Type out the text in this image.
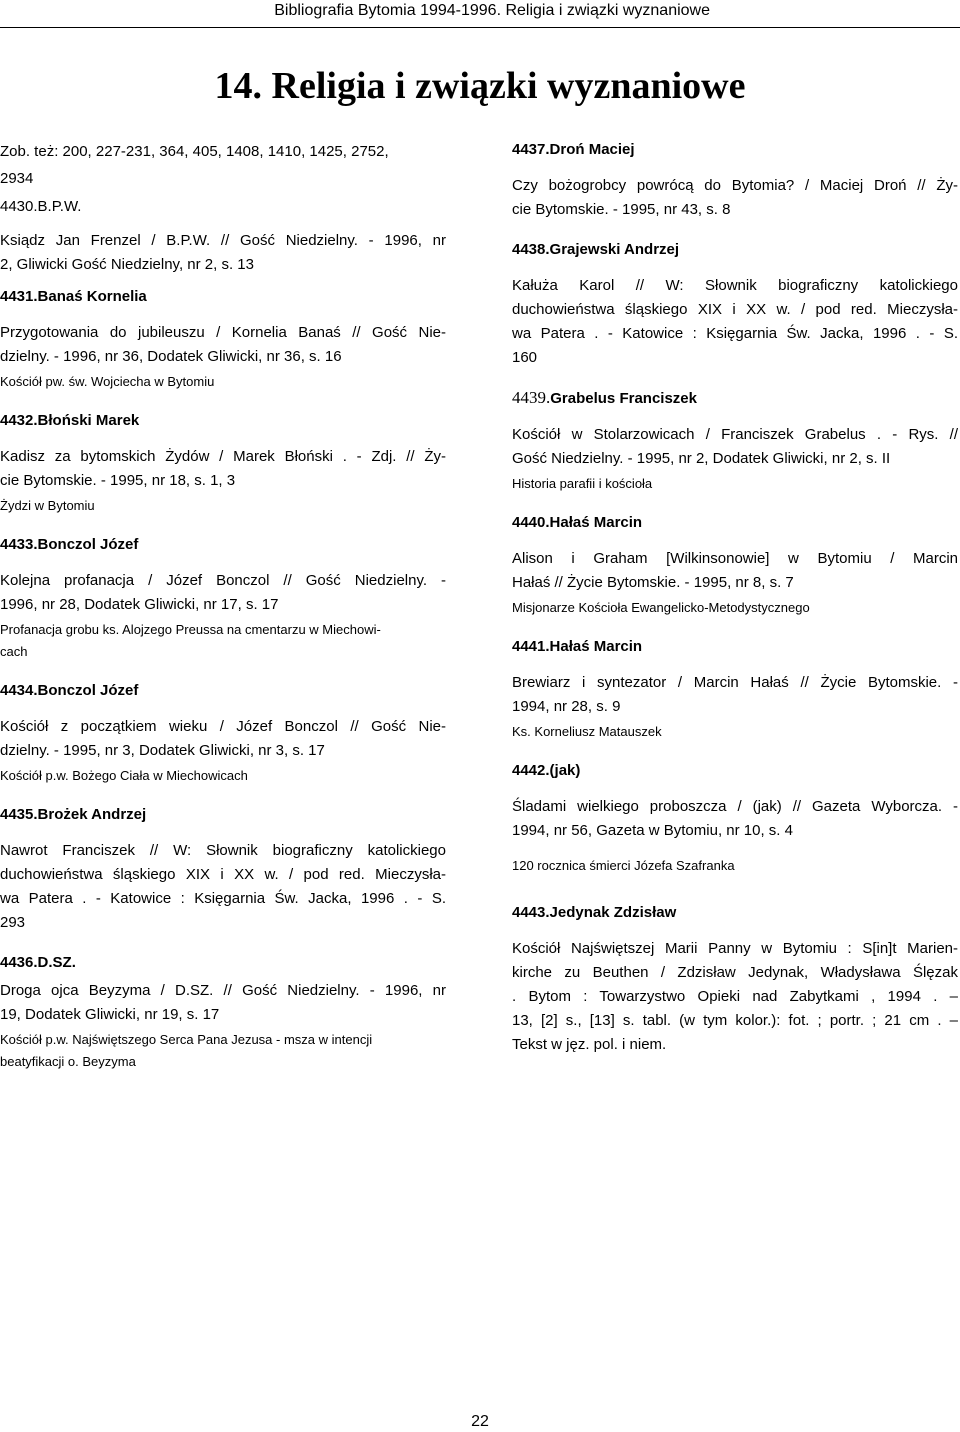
Bibliografia Bytomia 1994-1996. Religia i związki wyznaniowe
14. Religia i związki wyznaniowe
Zob. też: 200, 227-231, 364, 405, 1408, 1410, 1425, 2752,
2934
4430.B.P.W.
Ksiądz Jan Frenzel / B.P.W. // Gość Niedzielny. - 1996, nr
2, Gliwicki Gość Niedzielny, nr 2, s. 13
4431.Banaś Kornelia
Przygotowania do jubileuszu / Kornelia Banaś // Gość Nie-
dzielny. - 1996, nr 36, Dodatek Gliwicki, nr 36, s. 16
Kościół pw. św. Wojciecha w Bytomiu
4432.Błoński Marek
Kadisz za bytomskich Żydów / Marek Błoński . - Zdj. // Ży-
cie Bytomskie. - 1995, nr 18, s. 1, 3
Żydzi w Bytomiu
4433.Bonczol Józef
Kolejna profanacja / Józef Bonczol // Gość Niedzielny. -
1996, nr 28, Dodatek Gliwicki, nr 17, s. 17
Profanacja grobu ks. Alojzego Preussa na cmentarzu w Miechowi-
cach
4434.Bonczol Józef
Kościół z początkiem wieku / Józef Bonczol // Gość Nie-
dzielny. - 1995, nr 3, Dodatek Gliwicki, nr 3, s. 17
Kościół p.w. Bożego Ciała w Miechowicach
4435.Brożek Andrzej
Nawrot Franciszek // W: Słownik biograficzny katolickiego
duchowieństwa śląskiego XIX i XX w. / pod red. Mieczysła-
wa Patera . - Katowice : Księgarnia Św. Jacka, 1996 . - S.
293
4436.D.SZ.
Droga ojca Beyzyma / D.SZ. // Gość Niedzielny. - 1996, nr
19, Dodatek Gliwicki, nr 19, s. 17
Kościół p.w. Najświętszego Serca Pana Jezusa - msza w intencji
beatyfikacji o. Beyzyma
4437.Droń Maciej
Czy bożogrobcy powrócą do Bytomia? / Maciej Droń // Ży-
cie Bytomskie. - 1995, nr 43, s. 8
4438.Grajewski Andrzej
Kałuża Karol // W: Słownik biograficzny katolickiego
duchowieństwa śląskiego XIX i XX w. / pod red. Mieczysła-
wa Patera . - Katowice : Księgarnia Św. Jacka, 1996 . - S.
160
4439.Grabelus Franciszek
Kościół w Stolarzowicach / Franciszek Grabelus . - Rys. //
Gość Niedzielny. - 1995, nr 2, Dodatek Gliwicki, nr 2, s. II
Historia parafii i kościoła
4440.Hałaś Marcin
Alison i Graham [Wilkinsonowie] w Bytomiu / Marcin
Hałaś // Życie Bytomskie. - 1995, nr 8, s. 7
Misjonarze Kościoła Ewangelicko-Metodystycznego
4441.Hałaś Marcin
Brewiarz i syntezator / Marcin Hałaś // Życie Bytomskie. -
1994, nr 28, s. 9
Ks. Korneliusz Matauszek
4442.(jak)
Śladami wielkiego proboszcza / (jak) // Gazeta Wyborcza. -
1994, nr 56, Gazeta w Bytomiu, nr 10, s. 4
120 rocznica śmierci Józefa Szafranka
4443.Jedynak Zdzisław
Kościół Najświętszej Marii Panny w Bytomiu : S[in]t Marien-
kirche zu Beuthen / Zdzisław Jedynak, Władysława Ślęzak
. Bytom : Towarzystwo Opieki nad Zabytkami , 1994 . –
13, [2] s., [13] s. tabl. (w tym kolor.): fot. ; portr. ; 21 cm . –
Tekst w jęz. pol. i niem.
22
